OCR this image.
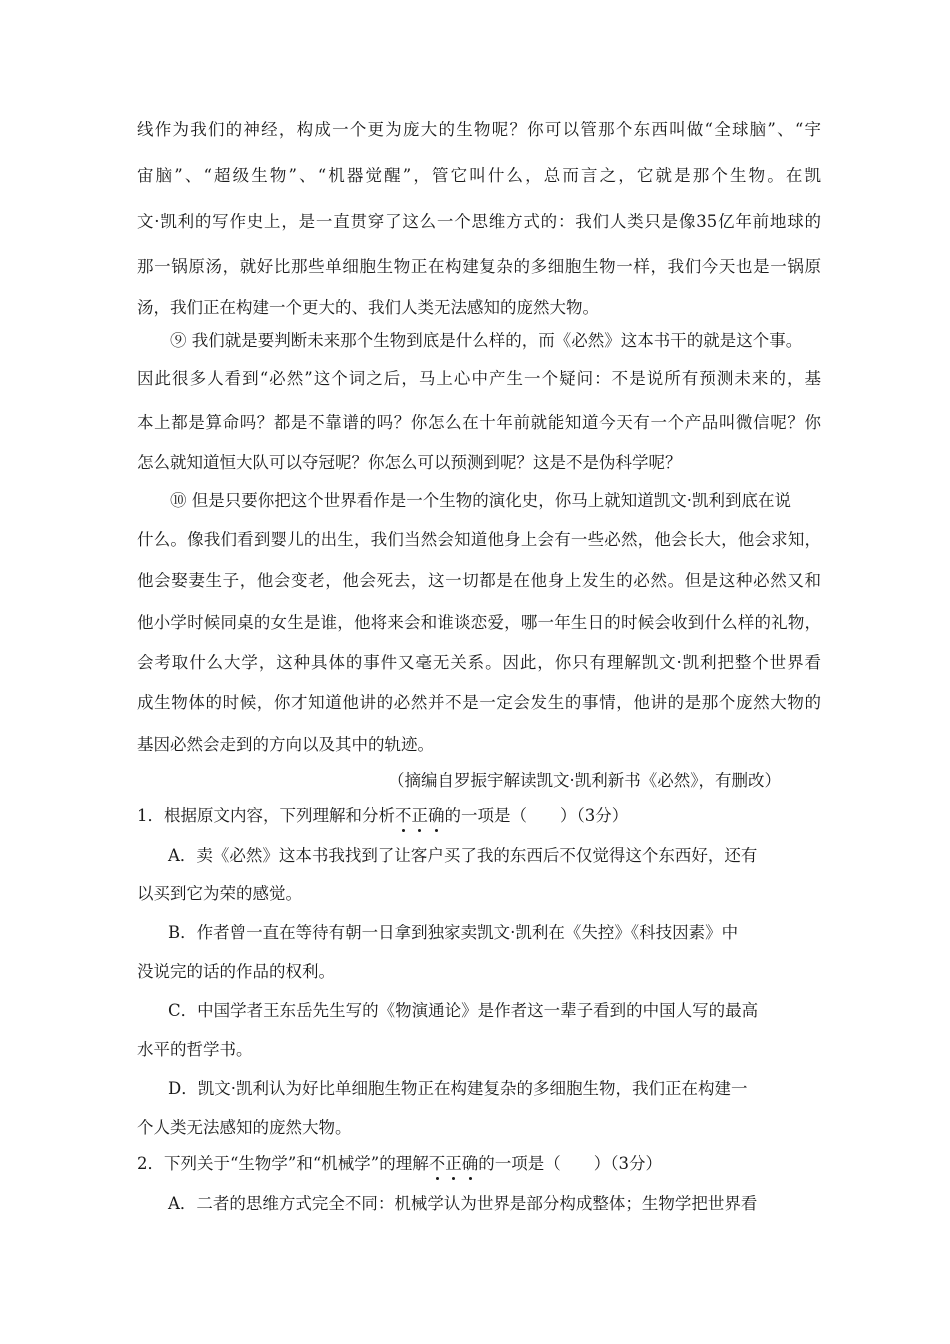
线作为我们的神经，构成一个更为庞大的生物呢？你可以管那个东西叫做“全球脑”、“宇
宙脑”、“超级生物”、“机器觉醒”，管它叫什么，总而言之，它就是那个生物。在凯
文·凯利的写作史上，是一直贯穿了这么一个思维方式的：我们人类只是像35亿年前地球的
那一锅原汤，就好比那些单细胞生物正在构建复杂的多细胞生物一样，我们今天也是一锅原
汤，我们正在构建一个更大的、我们人类无法感知的庞然大物。
⑨ 我们就是要判断未来那个生物到底是什么样的，而《必然》这本书干的就是这个事。
因此很多人看到“必然”这个词之后，马上心中产生一个疑问：不是说所有预测未来的，基
本上都是算命吗？都是不靠谱的吗？你怎么在十年前就能知道今天有一个产品叫微信呢？你
怎么就知道恒大队可以夺冠呢？你怎么可以预测到呢？这是不是伪科学呢？
⑩ 但是只要你把这个世界看作是一个生物的演化史，你马上就知道凯文·凯利到底在说
什么。像我们看到婴儿的出生，我们当然会知道他身上会有一些必然，他会长大，他会求知，
他会娶妻生子，他会变老，他会死去，这一切都是在他身上发生的必然。但是这种必然又和
他小学时候同桌的女生是谁，他将来会和谁谈恋爱，哪一年生日的时候会收到什么样的礼物，
会考取什么大学，这种具体的事件又毫无关系。因此，你只有理解凯文·凯利把整个世界看
成生物体的时候，你才知道他讲的必然并不是一定会发生的事情，他讲的是那个庞然大物的
基因必然会走到的方向以及其中的轨迹。
（摘编自罗振宇解读凯文·凯利新书《必然》，有删改）
1．根据原文内容，下列理解和分析不正确的一项是（　　）（3分）
A．卖《必然》这本书我找到了让客户买了我的东西后不仅觉得这个东西好，还有
以买到它为荣的感觉。
B．作者曾一直在等待有朝一日拿到独家卖凯文·凯利在《失控》《科技因素》中
没说完的话的作品的权利。
C．中国学者王东岳先生写的《物演通论》是作者这一辈子看到的中国人写的最高
水平的哲学书。
D．凯文·凯利认为好比单细胞生物正在构建复杂的多细胞生物，我们正在构建一
个人类无法感知的庞然大物。
2．下列关于“生物学”和“机械学”的理解不正确的一项是（　　）（3分）
A．二者的思维方式完全不同：机械学认为世界是部分构成整体；生物学把世界看
